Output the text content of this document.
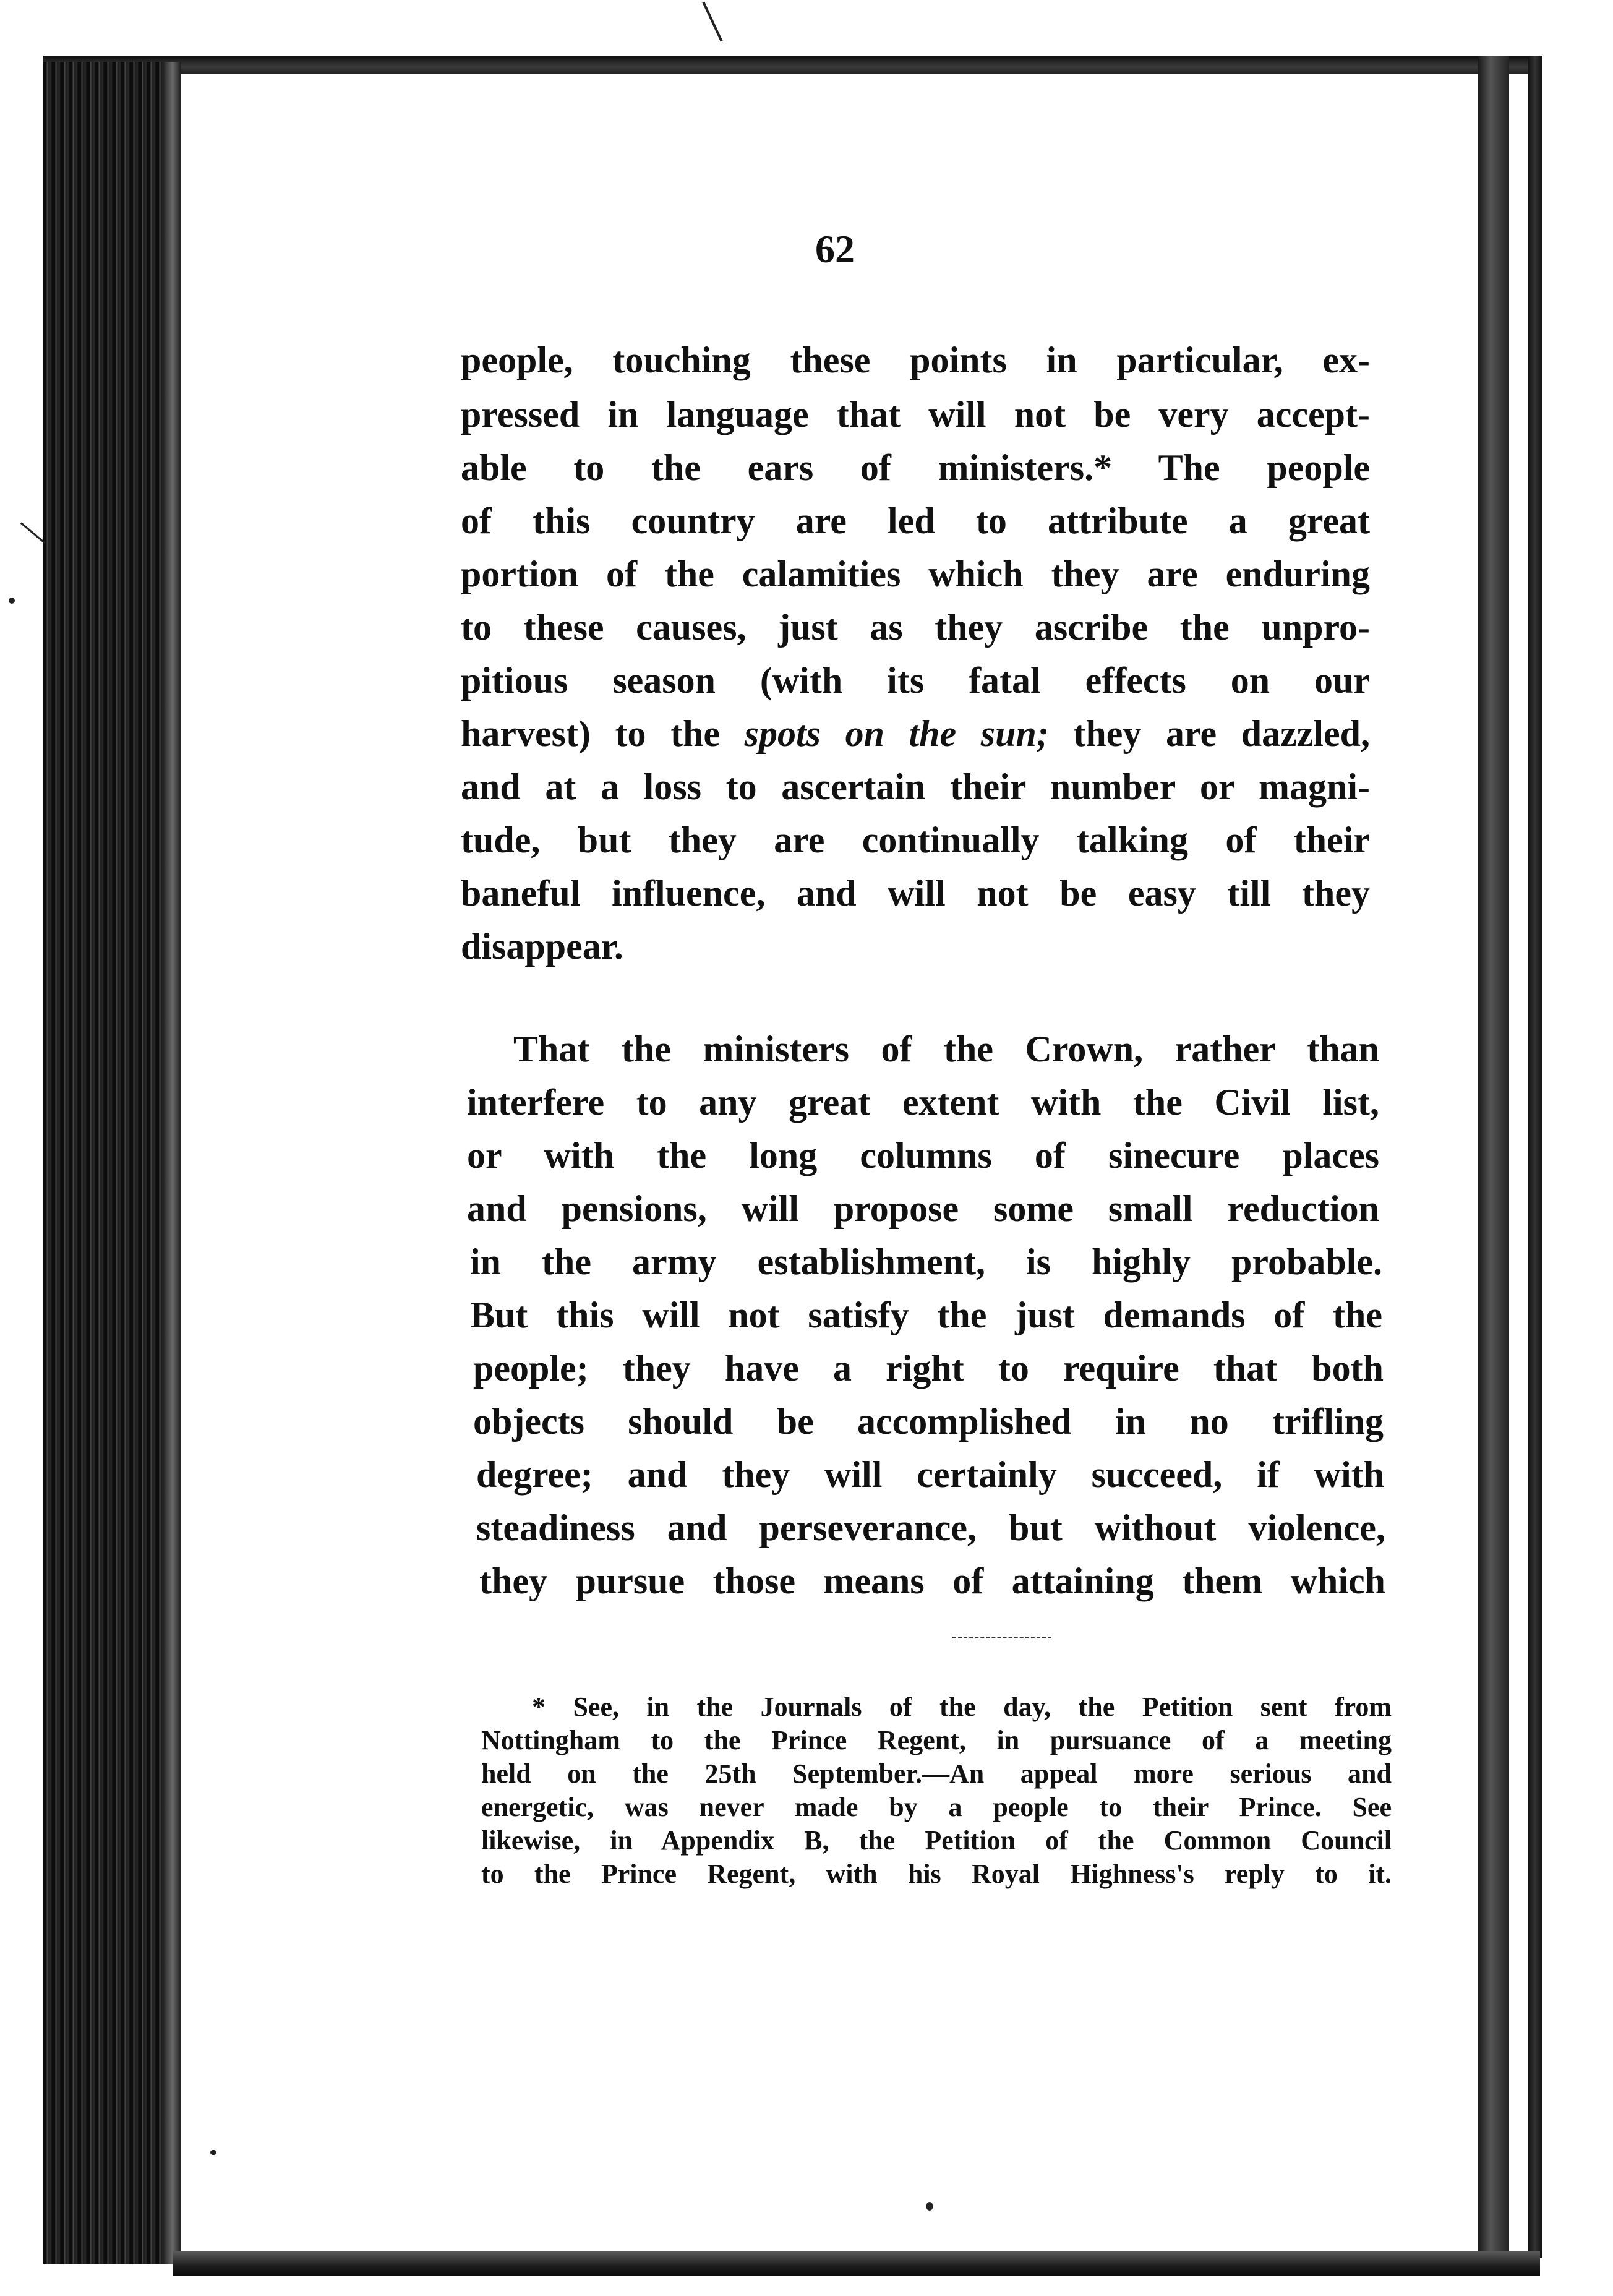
62
people, touching these points in particular, ex-
pressed in language that will not be very accept-
able to the ears of ministers.* The people
of this country are led to attribute a great
portion of the calamities which they are enduring
to these causes, just as they ascribe the unpro-
pitious season (with its fatal effects on our
harvest) to the spots on the sun; they are dazzled,
and at a loss to ascertain their number or magni-
tude, but they are continually talking of their
baneful influence, and will not be easy till they
disappear.
That the ministers of the Crown, rather than
interfere to any great extent with the Civil list,
or with the long columns of sinecure places
and pensions, will propose some small reduction
in the army establishment, is highly probable.
But this will not satisfy the just demands of the
people; they have a right to require that both
objects should be accomplished in no trifling
degree; and they will certainly succeed, if with
steadiness and perseverance, but without violence,
they pursue those means of attaining them which
* See, in the Journals of the day, the Petition sent from
Nottingham to the Prince Regent, in pursuance of a meeting
held on the 25th September.—An appeal more serious and
energetic, was never made by a people to their Prince. See
likewise, in Appendix B, the Petition of the Common Council
to the Prince Regent, with his Royal Highness's reply to it.
